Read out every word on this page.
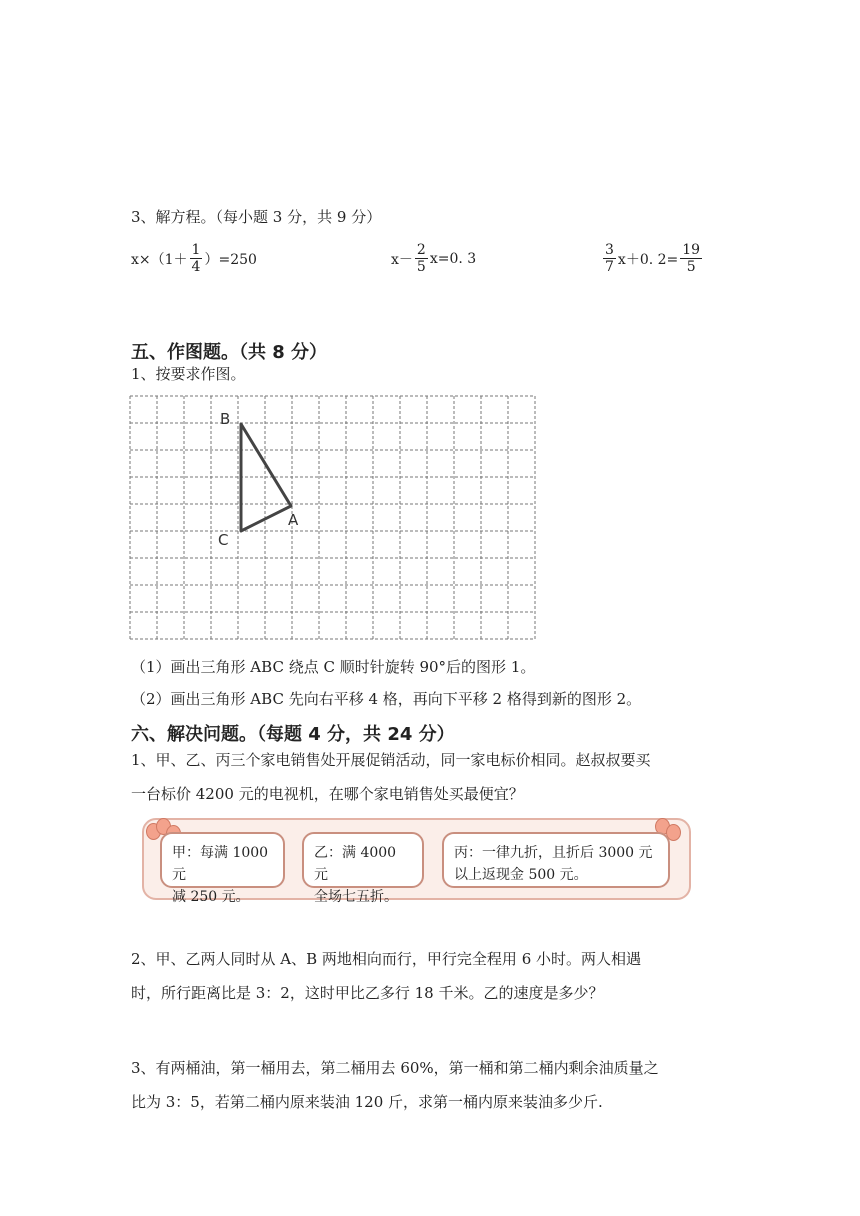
3、解方程。（每小题 3 分，共 9 分）
$x\times(1+ \frac{1}{4} )=250$	$x- \frac{2}{5} x=0$. 3	$\frac{3}{7} x+0$. $2= \frac{19}{5}$
五、作图题。（共 8 分）
1、按要求作图。
B
A
C
（1）画出三角形 ABC 绕点 C 顺时针旋转 90°后的图形 1。
（2）画出三角形 ABC 先向右平移 4 格，再向下平移 2 格得到新的图形 2。
六、解决问题。（每题 4 分，共 24 分）
1、甲、乙、丙三个家电销售处开展促销活动，同一家电标价相同。赵叔叔要买
一台标价 4200 元的电视机，在哪个家电销售处买最便宜？
甲：每满 1000 元
减 250 元。
乙：满 4000 元
全场七五折。
丙：一律九折，且折后 3000 元
以上返现金 500 元。
2、甲、乙两人同时从 A、B 两地相向而行，甲行完全程用 6 小时。两人相遇
时，所行距离比是 3：2，这时甲比乙多行 18 千米。乙的速度是多少？
3、有两桶油，第一桶用去，第二桶用去 60%，第一桶和第二桶内剩余油质量之
比为 3：5，若第二桶内原来装油 120 斤，求第一桶内原来装油多少斤.
